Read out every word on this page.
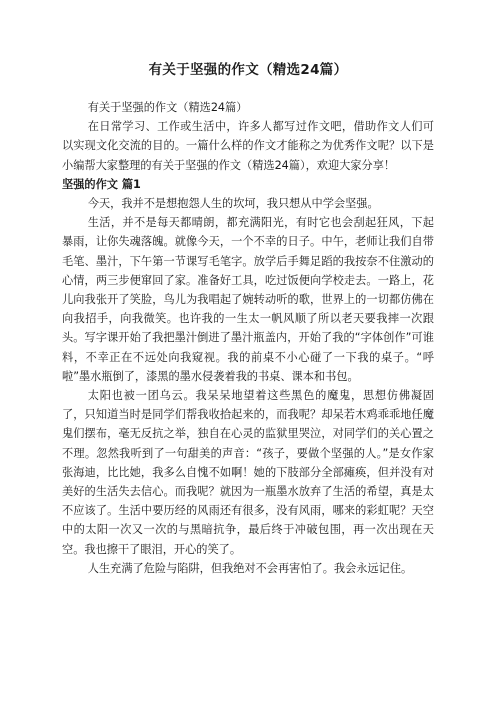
有关于坚强的作文（精选24篇）

有关于坚强的作文（精选24篇）

在日常学习、工作或生活中，许多人都写过作文吧，借助作文人们可以实现文化交流的目的。一篇什么样的作文才能称之为优秀作文呢？以下是小编帮大家整理的有关于坚强的作文（精选24篇），欢迎大家分享！

坚强的作文 篇1

今天，我并不是想抱怨人生的坎坷，我只想从中学会坚强。

生活，并不是每天都晴朗，都充满阳光，有时它也会刮起狂风，下起暴雨，让你失魂落魄。就像今天，一个不幸的日子。中午，老师让我们自带毛笔、墨汁，下午第一节课写毛笔字。放学后手舞足蹈的我按奈不住激动的心情，两三步便窜回了家。准备好工具，吃过饭便向学校走去。一路上，花儿向我张开了笑脸，鸟儿为我唱起了婉转动听的歌，世界上的一切都仿佛在向我招手，向我微笑。也许我的一生太一帆风顺了所以老天要我摔一次跟头。写字课开始了我把墨汁倒进了墨汁瓶盖内，开始了我的“字体创作”可谁料，不幸正在不远处向我窥视。我的前桌不小心碰了一下我的桌子。“呼啦”墨水瓶倒了，漆黑的墨水侵袭着我的书桌、课本和书包。

太阳也被一团乌云。我呆呆地望着这些黑色的魔鬼，思想仿佛凝固了，只知道当时是同学们帮我收拾起来的，而我呢？却呆若木鸡乖乖地任魔鬼们摆布，毫无反抗之举，独自在心灵的监狱里哭泣，对同学们的关心置之不理。忽然我听到了一句甜美的声音：“孩子，要做个坚强的人。”是女作家张海迪，比比她，我多么自愧不如啊！她的下肢部分全部瘫痪，但并没有对美好的生活失去信心。而我呢？就因为一瓶墨水放弃了生活的希望，真是太不应该了。生活中要历经的风雨还有很多，没有风雨，哪来的彩虹呢？天空中的太阳一次又一次的与黑暗抗争，最后终于冲破包围，再一次出现在天空。我也擦干了眼泪，开心的笑了。

人生充满了危险与陷阱，但我绝对不会再害怕了。我会永远记住。
